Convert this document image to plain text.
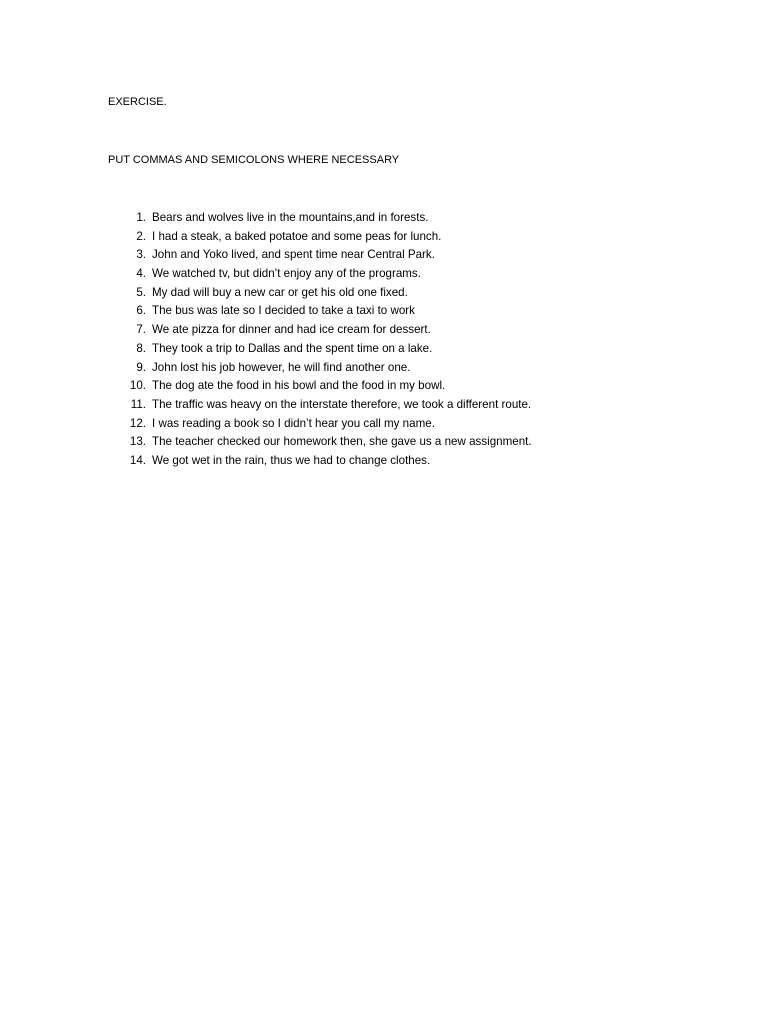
EXERCISE.
PUT COMMAS AND SEMICOLONS WHERE NECESSARY
1. Bears and wolves live in the mountains,and in forests.
2. I had a steak, a baked potatoe and some peas for lunch.
3. John and Yoko lived, and spent time near Central Park.
4. We watched tv, but didn’t enjoy any of the programs.
5. My dad will buy a new car or get his old one fixed.
6. The bus was late so I decided to take a taxi to work
7. We ate pizza for dinner and had ice cream for dessert.
8. They took a trip to Dallas and the spent time on a lake.
9. John lost his job however, he will find another one.
10. The dog ate the food in his bowl and the food in my bowl.
11. The traffic was heavy on the interstate therefore, we took a different route.
12. I was reading a book so I didn’t hear you call my name.
13. The teacher checked our homework then, she gave us a new assignment.
14. We got wet in the rain, thus we had to change clothes.
